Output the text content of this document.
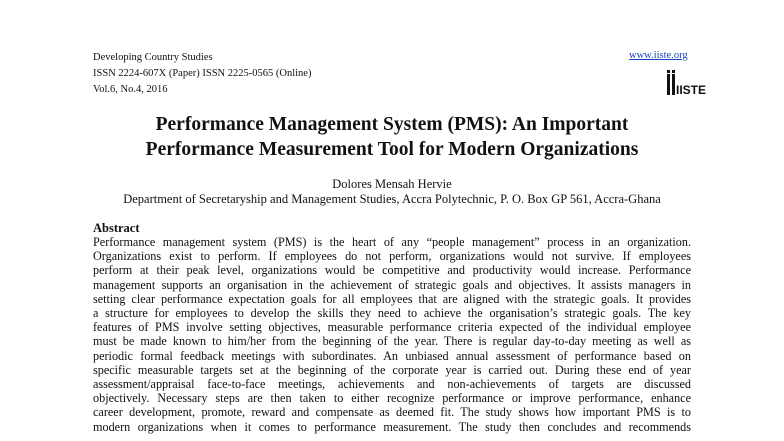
Developing Country Studies
ISSN 2224-607X (Paper) ISSN 2225-0565 (Online)
Vol.6, No.4, 2016
www.iiste.org
IISTE
Performance Management System (PMS): An Important
Performance Measurement Tool for Modern Organizations
Dolores Mensah Hervie
Department of Secretaryship and Management Studies, Accra Polytechnic, P. O. Box GP 561, Accra-Ghana
Abstract
Performance management system (PMS) is the heart of any “people management” process in an organization.
Organizations exist to perform. If employees do not perform, organizations would not survive. If employees
perform at their peak level, organizations would be competitive and productivity would increase. Performance
management supports an organisation in the achievement of strategic goals and objectives. It assists managers in
setting clear performance expectation goals for all employees that are aligned with the strategic goals. It provides
a structure for employees to develop the skills they need to achieve the organisation’s strategic goals. The key
features of PMS involve setting objectives, measurable performance criteria expected of the individual employee
must be made known to him/her from the beginning of the year. There is regular day-to-day meeting as well as
periodic formal feedback meetings with subordinates. An unbiased annual assessment of performance based on
specific measurable targets set at the beginning of the corporate year is carried out. During these end of year
assessment/appraisal face-to-face meetings, achievements and non-achievements of targets are discussed
objectively. Necessary steps are then taken to either recognize performance or improve performance, enhance
career development, promote, reward and compensate as deemed fit. The study shows how important PMS is to
modern organizations when it comes to performance measurement. The study then concludes and recommends
